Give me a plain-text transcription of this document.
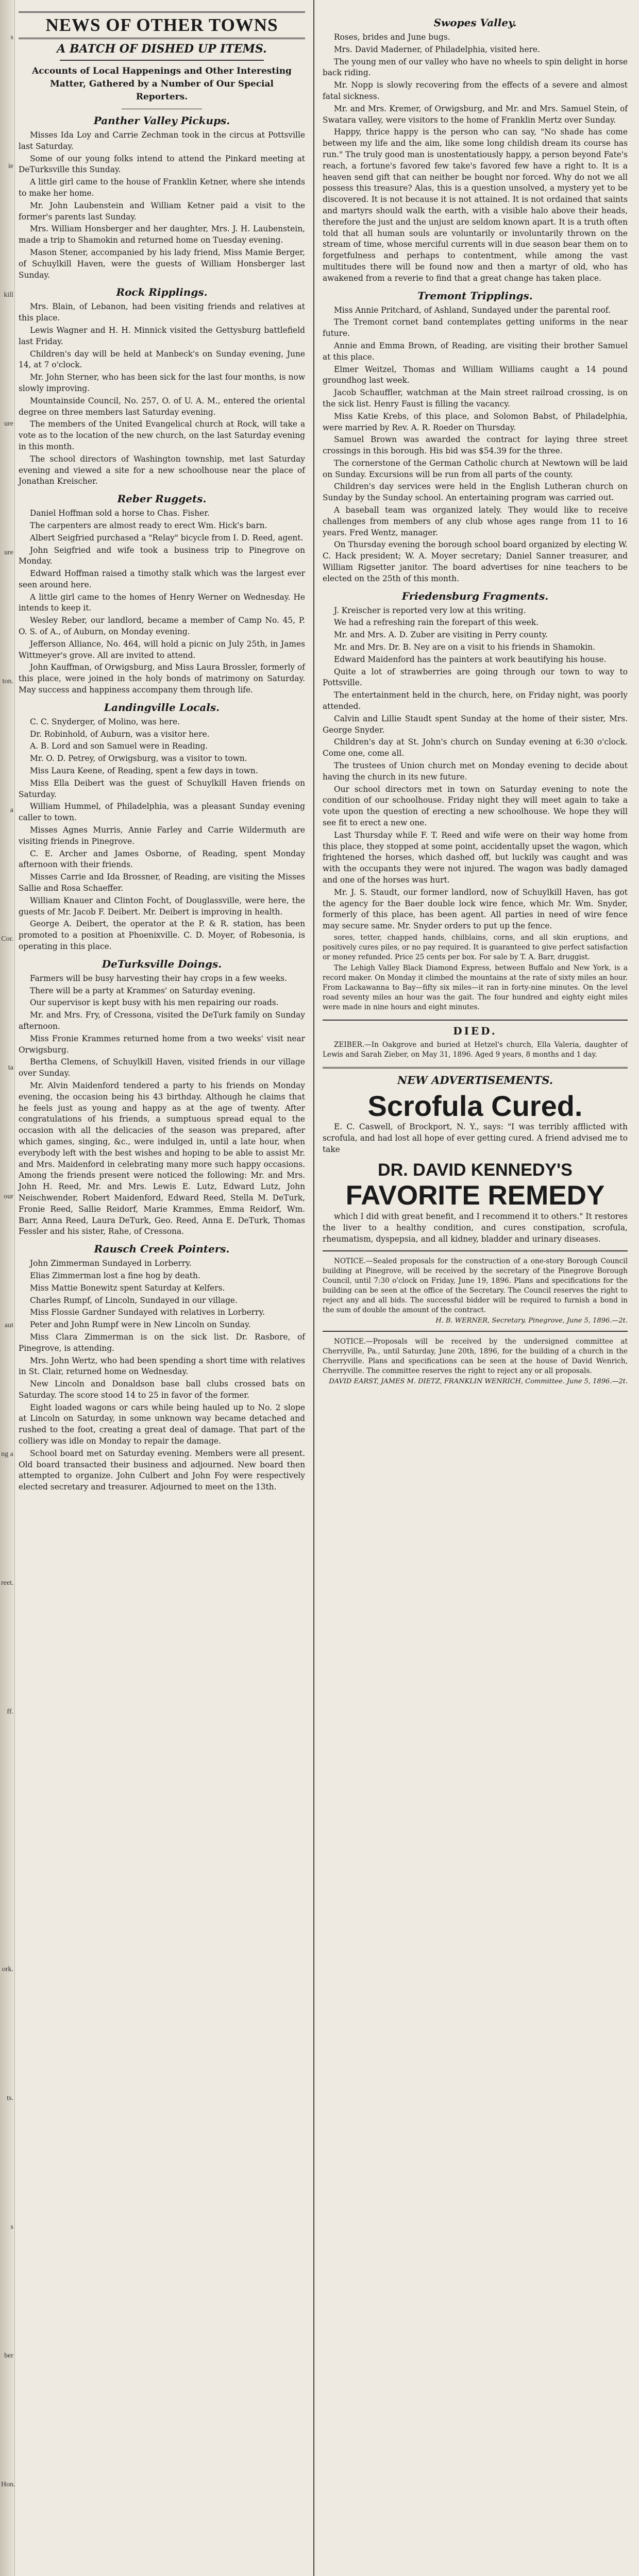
s
ie
kill
ure
ure
ton.
a
Cor.
ta
our
aut
ng a
reet.
ff.
ork.
ts.
s
ber
Hon.
NEWS OF OTHER TOWNS
A BATCH OF DISHED UP ITEMS.
Accounts of Local Happenings and Other Interesting Matter, Gathered by a Number of Our Special Reporters.
Panther Valley Pickups.

Misses Ida Loy and Carrie Zechman took in the circus at Pottsville last Saturday.

Some of our young folks intend to attend the Pinkard meeting at DeTurksville this Sunday.

A little girl came to the house of Franklin Ketner, where she intends to make her home.

Mr. John Laubenstein and William Ketner paid a visit to the former's parents last Sunday.

Mrs. William Honsberger and her daughter, Mrs. J. H. Laubenstein, made a trip to Shamokin and returned home on Tuesday evening.

Mason Stener, accompanied by his lady friend, Miss Mamie Berger, of Schuylkill Haven, were the guests of William Honsberger last Sunday.

Rock Ripplings.

Mrs. Blain, of Lebanon, had been visiting friends and relatives at this place.

Lewis Wagner and H. H. Minnick visited the Gettysburg battlefield last Friday.

Children's day will be held at Manbeck's on Sunday evening, June 14, at 7 o'clock.

Mr. John Sterner, who has been sick for the last four months, is now slowly improving.

Mountainside Council, No. 257, O. of U. A. M., entered the oriental degree on three members last Saturday evening.

The members of the United Evangelical church at Rock, will take a vote as to the location of the new church, on the last Saturday evening in this month.

The school directors of Washington township, met last Saturday evening and viewed a site for a new schoolhouse near the place of Jonathan Kreischer.

Reber Ruggets.

Daniel Hoffman sold a horse to Chas. Fisher.

The carpenters are almost ready to erect Wm. Hick's barn.

Albert Seigfried purchased a "Relay" bicycle from I. D. Reed, agent.

John Seigfried and wife took a business trip to Pinegrove on Monday.

Edward Hoffman raised a timothy stalk which was the largest ever seen around here.

A little girl came to the homes of Henry Werner on Wednesday. He intends to keep it.

Wesley Reber, our landlord, became a member of Camp No. 45, P. O. S. of A., of Auburn, on Monday evening.

Jefferson Alliance, No. 464, will hold a picnic on July 25th, in James Wittmeyer's grove. All are invited to attend.

John Kauffman, of Orwigsburg, and Miss Laura Brossler, formerly of this place, were joined in the holy bonds of matrimony on Saturday. May success and happiness accompany them through life.

Landingville Locals.

C. C. Snyderger, of Molino, was here.

Dr. Robinhold, of Auburn, was a visitor here.

A. B. Lord and son Samuel were in Reading.

Mr. O. D. Petrey, of Orwigsburg, was a visitor to town.

Miss Laura Keene, of Reading, spent a few days in town.

Miss Ella Deibert was the guest of Schuylkill Haven friends on Saturday.

William Hummel, of Philadelphia, was a pleasant Sunday evening caller to town.

Misses Agnes Murris, Annie Farley and Carrie Wildermuth are visiting friends in Pinegrove.

C. E. Archer and James Osborne, of Reading, spent Monday afternoon with their friends.

Misses Carrie and Ida Brossner, of Reading, are visiting the Misses Sallie and Rosa Schaeffer.

William Knauer and Clinton Focht, of Douglassville, were here, the guests of Mr. Jacob F. Deibert. Mr. Deibert is improving in health.

George A. Deibert, the operator at the P. & R. station, has been promoted to a position at Phoenixville. C. D. Moyer, of Robesonia, is operating in this place.

DeTurksville Doings.

Farmers will be busy harvesting their hay crops in a few weeks.

There will be a party at Krammes' on Saturday evening.

Our supervisor is kept busy with his men repairing our roads.

Mr. and Mrs. Fry, of Cressona, visited the DeTurk family on Sunday afternoon.

Miss Fronie Krammes returned home from a two weeks' visit near Orwigsburg.

Bertha Clemens, of Schuylkill Haven, visited friends in our village over Sunday.

Mr. Alvin Maidenford tendered a party to his friends on Monday evening, the occasion being his 43 birthday. Although he claims that he feels just as young and happy as at the age of twenty. After congratulations of his friends, a sumptuous spread equal to the occasion with all the delicacies of the season was prepared, after which games, singing, &c., were indulged in, until a late hour, when everybody left with the best wishes and hoping to be able to assist Mr. and Mrs. Maidenford in celebrating many more such happy occasions. Among the friends present were noticed the following: Mr. and Mrs. John H. Reed, Mr. and Mrs. Lewis E. Lutz, Edward Lutz, John Neischwender, Robert Maidenford, Edward Reed, Stella M. DeTurk, Fronie Reed, Sallie Reidorf, Marie Krammes, Emma Reidorf, Wm. Barr, Anna Reed, Laura DeTurk, Geo. Reed, Anna E. DeTurk, Thomas Fessler and his sister, Rahe, of Cressona.

Rausch Creek Pointers.

John Zimmerman Sundayed in Lorberry.

Elias Zimmerman lost a fine hog by death.

Miss Mattie Bonewitz spent Saturday at Kelfers.

Charles Rumpf, of Lincoln, Sundayed in our village.

Miss Flossie Gardner Sundayed with relatives in Lorberry.

Peter and John Rumpf were in New Lincoln on Sunday.

Miss Clara Zimmerman is on the sick list. Dr. Rasbore, of Pinegrove, is attending.

Mrs. John Wertz, who had been spending a short time with relatives in St. Clair, returned home on Wednesday.

New Lincoln and Donaldson base ball clubs crossed bats on Saturday. The score stood 14 to 25 in favor of the former.

Eight loaded wagons or cars while being hauled up to No. 2 slope at Lincoln on Saturday, in some unknown way became detached and rushed to the foot, creating a great deal of damage. That part of the colliery was idle on Monday to repair the damage.

School board met on Saturday evening. Members were all present. Old board transacted their business and adjourned. New board then attempted to organize. John Culbert and John Foy were respectively elected secretary and treasurer. Adjourned to meet on the 13th.

Swopes Valley.

Roses, brides and June bugs.

Mrs. David Maderner, of Philadelphia, visited here.

The young men of our valley who have no wheels to spin delight in horse back riding.

Mr. Nopp is slowly recovering from the effects of a severe and almost fatal sickness.

Mr. and Mrs. Kremer, of Orwigsburg, and Mr. and Mrs. Samuel Stein, of Swatara valley, were visitors to the home of Franklin Mertz over Sunday.

Happy, thrice happy is the person who can say, "No shade has come between my life and the aim, like some long childish dream its course has run." The truly good man is unostentatiously happy, a person beyond Fate's reach, a fortune's favored few take's favored few have a right to. It is a heaven send gift that can neither be bought nor forced. Why do not we all possess this treasure? Alas, this is a question unsolved, a mystery yet to be discovered. It is not because it is not attained. It is not ordained that saints and martyrs should walk the earth, with a visible halo above their heads, therefore the just and the unjust are seldom known apart. It is a truth often told that all human souls are voluntarily or involuntarily thrown on the stream of time, whose merciful currents will in due season bear them on to forgetfulness and perhaps to contentment, while among the vast multitudes there will be found now and then a martyr of old, who has awakened from a reverie to find that a great change has taken place.

Tremont Tripplings.

Miss Annie Pritchard, of Ashland, Sundayed under the parental roof.

The Tremont cornet band contemplates getting uniforms in the near future.

Annie and Emma Brown, of Reading, are visiting their brother Samuel at this place.

Elmer Weitzel, Thomas and William Williams caught a 14 pound groundhog last week.

Jacob Schauffler, watchman at the Main street railroad crossing, is on the sick list. Henry Faust is filling the vacancy.

Miss Katie Krebs, of this place, and Solomon Babst, of Philadelphia, were married by Rev. A. R. Roeder on Thursday.

Samuel Brown was awarded the contract for laying three street crossings in this borough. His bid was $54.39 for the three.

The cornerstone of the German Catholic church at Newtown will be laid on Sunday. Excursions will be run from all parts of the county.

Children's day services were held in the English Lutheran church on Sunday by the Sunday school. An entertaining program was carried out.

A baseball team was organized lately. They would like to receive challenges from members of any club whose ages range from 11 to 16 years. Fred Wentz, manager.

On Thursday evening the borough school board organized by electing W. C. Hack president; W. A. Moyer secretary; Daniel Sanner treasurer, and William Rigsetter janitor. The board advertises for nine teachers to be elected on the 25th of this month.

Friedensburg Fragments.

J. Kreischer is reported very low at this writing.

We had a refreshing rain the forepart of this week.

Mr. and Mrs. A. D. Zuber are visiting in Perry county.

Mr. and Mrs. Dr. B. Ney are on a visit to his friends in Shamokin.

Edward Maidenford has the painters at work beautifying his house.

Quite a lot of strawberries are going through our town to way to Pottsville.

The entertainment held in the church, here, on Friday night, was poorly attended.

Calvin and Lillie Staudt spent Sunday at the home of their sister, Mrs. George Snyder.

Children's day at St. John's church on Sunday evening at 6:30 o'clock. Come one, come all.

The trustees of Union church met on Monday evening to decide about having the church in its new future.

Our school directors met in town on Saturday evening to note the condition of our schoolhouse. Friday night they will meet again to take a vote upon the question of erecting a new schoolhouse. We hope they will see fit to erect a new one.

Last Thursday while F. T. Reed and wife were on their way home from this place, they stopped at some point, accidentally upset the wagon, which frightened the horses, which dashed off, but luckily was caught and was with the occupants they were not injured. The wagon was badly damaged and one of the horses was hurt.

Mr. J. S. Staudt, our former landlord, now of Schuylkill Haven, has got the agency for the Baer double lock wire fence, which Mr. Wm. Snyder, formerly of this place, has been agent. All parties in need of wire fence may secure same. Mr. Snyder orders to put up the fence.

sores, tetter, chapped hands, chilblains, corns, and all skin eruptions, and positively cures piles, or no pay required. It is guaranteed to give perfect satisfaction or money refunded. Price 25 cents per box. For sale by T. A. Barr, druggist.

The Lehigh Valley Black Diamond Express, between Buffalo and New York, is a record maker. On Monday it climbed the mountains at the rate of sixty miles an hour. From Lackawanna to Bay—fifty six miles—it ran in forty-nine minutes. On the level road seventy miles an hour was the gait. The four hundred and eighty eight miles were made in nine hours and eight minutes.

DIED.

ZEIBER.—In Oakgrove and buried at Hetzel's church, Ella Valeria, daughter of Lewis and Sarah Zieber, on May 31, 1896. Aged 9 years, 8 months and 1 day.

NEW ADVERTISEMENTS.
Scrofula Cured.

E. C. Caswell, of Brockport, N. Y., says: "I was terribly afflicted with scrofula, and had lost all hope of ever getting cured. A friend advised me to take

DR. DAVID KENNEDY'S
FAVORITE REMEDY

which I did with great benefit, and I recommend it to others." It restores the liver to a healthy condition, and cures constipation, scrofula, rheumatism, dyspepsia, and all kidney, bladder and urinary diseases.

NOTICE.—Sealed proposals for the construction of a one-story Borough Council building at Pinegrove, will be received by the secretary of the Pinegrove Borough Council, until 7:30 o'clock on Friday, June 19, 1896. Plans and specifications for the building can be seen at the office of the Secretary. The Council reserves the right to reject any and all bids. The successful bidder will be required to furnish a bond in the sum of double the amount of the contract.

H. B. WERNER, Secretary. Pinegrove, June 5, 1896.—2t.

NOTICE.—Proposals will be received by the undersigned committee at Cherryville, Pa., until Saturday, June 20th, 1896, for the building of a church in the Cherryville. Plans and specifications can be seen at the house of David Wenrich, Cherryville. The committee reserves the right to reject any or all proposals.

DAVID EARST, JAMES M. DIETZ, FRANKLIN WENRICH, Committee. June 5, 1896.—2t.
